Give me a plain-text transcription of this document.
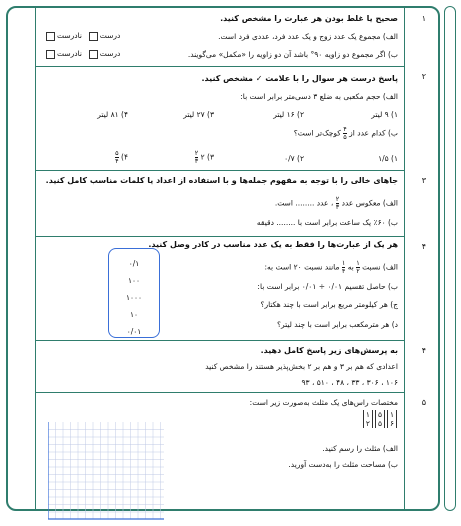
۱
صحیح یا غلط بودن هر عبارت را مشخص کنید.
الف) مجموع یک عدد زوج و یک عدد فرد، عددی فرد است.
ب) اگر مجموع دو زاویه ۹۰° باشد آن دو زاویه را «مکمل» می‌گویند.
درست  نادرست
درست  نادرست
۲
پاسخ درست هر سوال را با علامت ✓ مشخص کنید.
الف) حجم مکعبی به ضلع ۳ دسی‌متر برابر است با:
۱) ۹ لیتر
۲) ۱۶ لیتر
۳) ۲۷ لیتر
۴) ۸۱ لیتر
ب) کدام عدد از
$\frac{۴}{۵}$
کوچک‌تر است؟
۱) ۱/۵
۲) ۰/۷
۳) ۲
$\frac{۲}{۳}$
۴)
$\frac{۵}{۴}$
۳
جاهای خالی را با توجه به مفهوم جمله‌ها و با استفاده از اعداد یا کلمات مناسب کامل کنید.
الف) معکوس عدد
$\frac{۲}{۳}$
، عدد ........ است.
ب) ۶۰٪ یک ساعت برابر است با ........ دقیقه
۴
هر یک از عبارت‌ها را فقط به یک عدد مناسب در کادر وصل کنید.
الف) نسبت
$\frac{۱}{۲}$
به
$\frac{۱}{۴}$
مانند نسبت ۲۰ است به:
ب) حاصل تقسیم ۰/۰۱ ÷ ۰/۰۱ برابر است با:
ج) هر کیلومتر مربع برابر است با چند هکتار؟
د) هر مترمکعب برابر است با چند لیتر؟
۰/۱
۱۰۰
۱۰۰۰
۱۰
۰/۰۱
۴
به پرسش‌های زیر پاسخ کامل دهید.
اعدادی که هم بر ۳ و هم بر ۲ بخش‌پذیر هستند را مشخص کنید
۱۰۶ ، ۳۰۶ ، ۳۳ ، ۴۸ ، ۵۱۰ ، ۹۳
۵
مختصات راس‌های یک مثلث به‌صورت زیر است:
۱
۲
۵
۵
۱
۶
الف) مثلث را رسم کنید.
ب) مساحت مثلث را به‌دست آورید.
